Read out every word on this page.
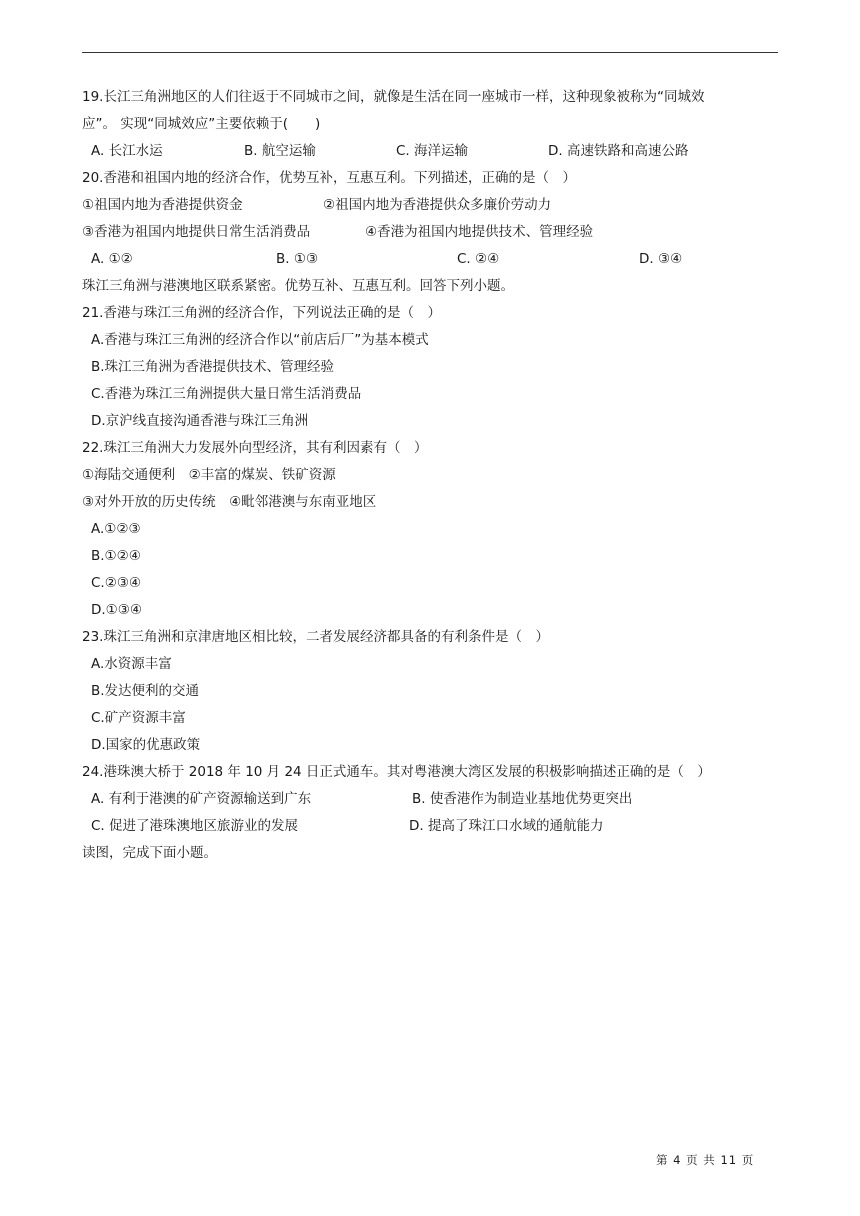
19.长江三角洲地区的人们往返于不同城市之间，就像是生活在同一座城市一样，这种现象被称为“同城效
应”。 实现“同城效应”主要依赖于(　　)
A. 长江水运	B. 航空运输	C. 海洋运输	D. 高速铁路和高速公路
20.香港和祖国内地的经济合作，优势互补，互惠互利。下列描述，正确的是（　）
①祖国内地为香港提供资金	②祖国内地为香港提供众多廉价劳动力
③香港为祖国内地提供日常生活消费品	④香港为祖国内地提供技术、管理经验
A. ①②	B. ①③	C. ②④	D. ③④
珠江三角洲与港澳地区联系紧密。优势互补、互惠互利。回答下列小题。
21.香港与珠江三角洲的经济合作，下列说法正确的是（　）
A.香港与珠江三角洲的经济合作以“前店后厂”为基本模式
B.珠江三角洲为香港提供技术、管理经验
C.香港为珠江三角洲提供大量日常生活消费品
D.京沪线直接沟通香港与珠江三角洲
22.珠江三角洲大力发展外向型经济，其有利因素有（　）
①海陆交通便利　②丰富的煤炭、铁矿资源
③对外开放的历史传统　④毗邻港澳与东南亚地区
A.①②③
B.①②④
C.②③④
D.①③④
23.珠江三角洲和京津唐地区相比较，二者发展经济都具备的有利条件是（　）
A.水资源丰富
B.发达便利的交通
C.矿产资源丰富
D.国家的优惠政策
24.港珠澳大桥于 2018 年 10 月 24 日正式通车。其对粤港澳大湾区发展的积极影响描述正确的是（　）
A. 有利于港澳的矿产资源输送到广东	B. 使香港作为制造业基地优势更突出
C. 促进了港珠澳地区旅游业的发展	D. 提高了珠江口水域的通航能力
读图，完成下面小题。
第 4 页 共 11 页
